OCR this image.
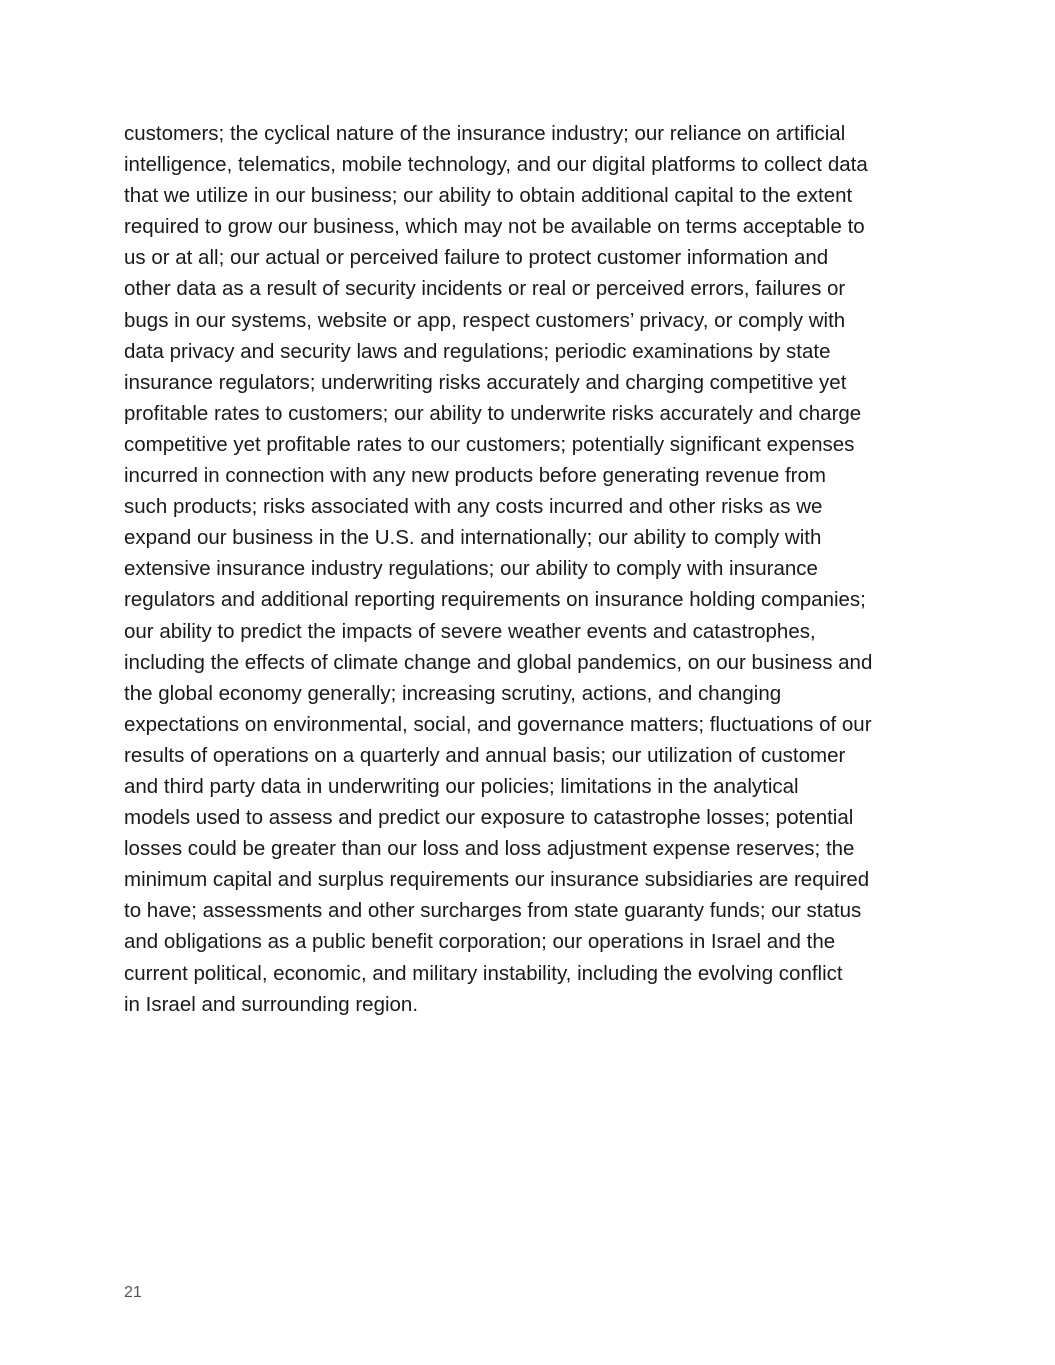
customers; the cyclical nature of the insurance industry; our reliance on artificial
intelligence, telematics, mobile technology, and our digital platforms to collect data
that we utilize in our business; our ability to obtain additional capital to the extent
required to grow our business, which may not be available on terms acceptable to
us or at all; our actual or perceived failure to protect customer information and
other data as a result of security incidents or real or perceived errors, failures or
bugs in our systems, website or app, respect customers’ privacy, or comply with
data privacy and security laws and regulations; periodic examinations by state
insurance regulators; underwriting risks accurately and charging competitive yet
profitable rates to customers; our ability to underwrite risks accurately and charge
competitive yet profitable rates to our customers; potentially significant expenses
incurred in connection with any new products before generating revenue from
such products; risks associated with any costs incurred and other risks as we
expand our business in the U.S. and internationally; our ability to comply with
extensive insurance industry regulations; our ability to comply with insurance
regulators and additional reporting requirements on insurance holding companies;
our ability to predict the impacts of severe weather events and catastrophes,
including the effects of climate change and global pandemics, on our business and
the global economy generally; increasing scrutiny, actions, and changing
expectations on environmental, social, and governance matters; fluctuations of our
results of operations on a quarterly and annual basis; our utilization of customer
and third party data in underwriting our policies; limitations in the analytical
models used to assess and predict our exposure to catastrophe losses; potential
losses could be greater than our loss and loss adjustment expense reserves; the
minimum capital and surplus requirements our insurance subsidiaries are required
to have; assessments and other surcharges from state guaranty funds; our status
and obligations as a public benefit corporation; our operations in Israel and the
current political, economic, and military instability, including the evolving conflict
in Israel and surrounding region.

21
